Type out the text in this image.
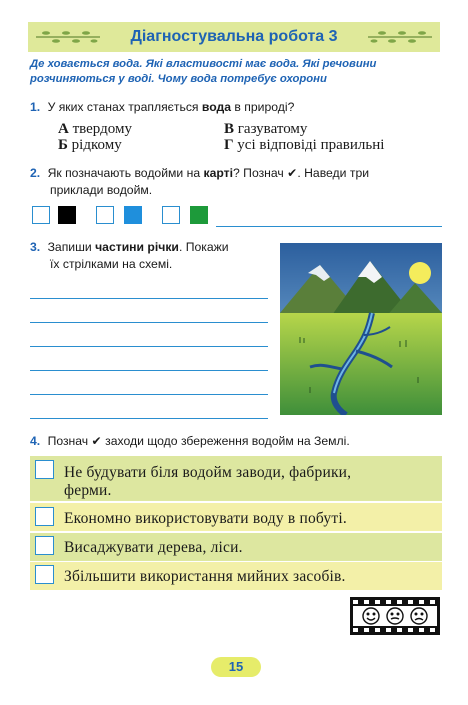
Діагностувальна робота 3
Де ховається вода. Які властивості має вода. Які речовини розчиняються у воді. Чому вода потребує охорони
1. У яких станах трапляється вода в природі?
А твердому
Б рідкому
В газуватому
Г усі відповіді правильні
2. Як позначають водойми на карті? Познач ✔. Наведи три
приклади водойм.
3. Запиши частини річки. Покажи
їх стрілками на схемі.
4. Познач ✔ заходи щодо збереження водойм на Землі.
Не будувати біля водойм заводи, фабрики,
ферми.
Економно використовувати воду в побуті.
Висаджувати дерева, ліси.
Збільшити використання мийних засобів.
15
